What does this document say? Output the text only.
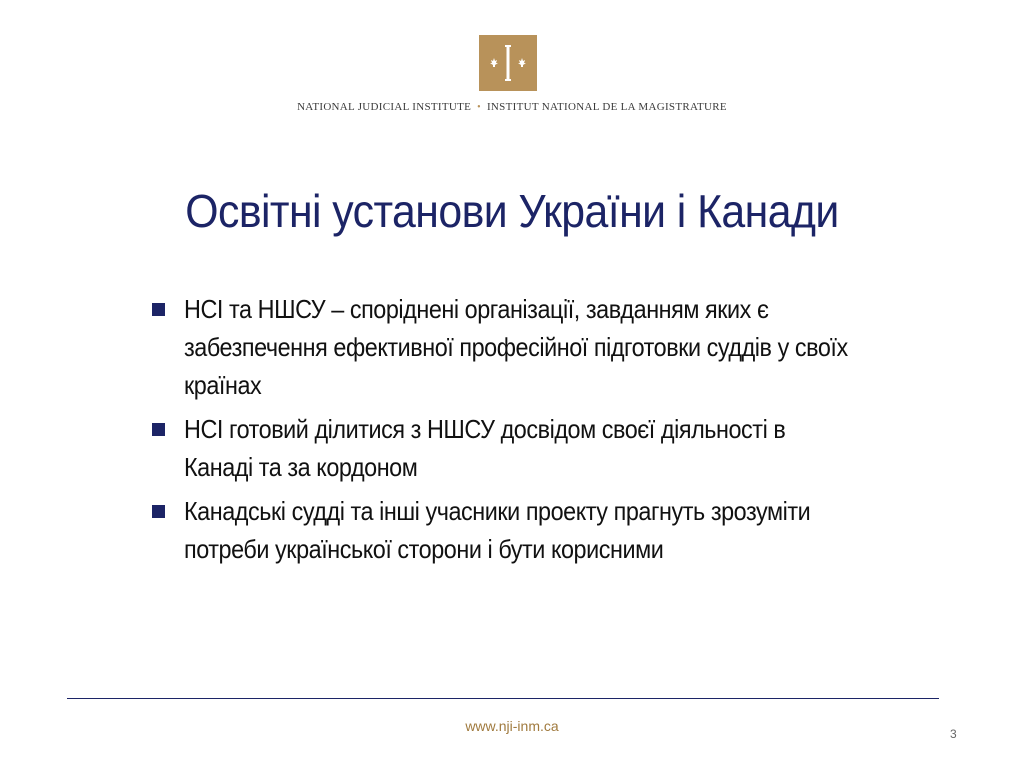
NATIONAL JUDICIAL INSTITUTE • INSTITUT NATIONAL DE LA MAGISTRATURE
Освітні установи України і Канади
НСІ та НШСУ – споріднені організації, завданням яких є забезпечення ефективної професійної підготовки суддів у своїх країнах
НСІ готовий ділитися з НШСУ досвідом своєї діяльності в Канаді та за кордоном
Канадські судді та інші учасники проекту прагнуть зрозуміти потреби української сторони і бути корисними
www.nji-inm.ca	3
